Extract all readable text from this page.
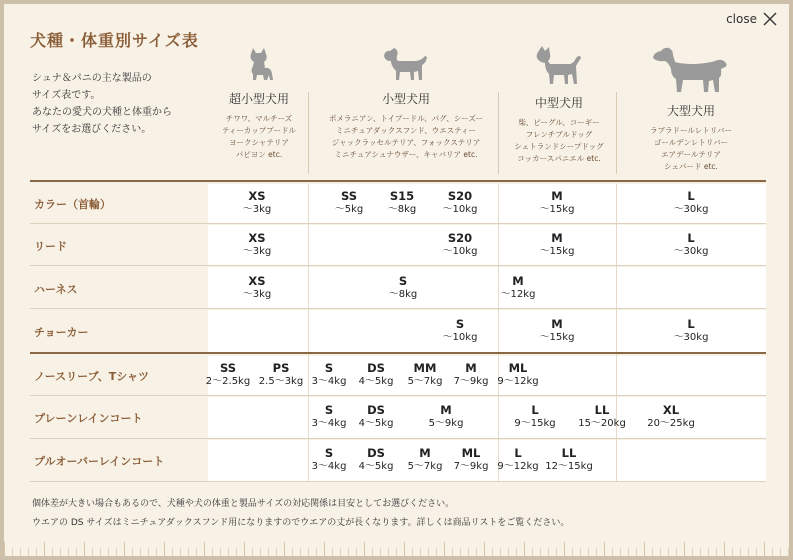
犬種・体重別サイズ表
close
シュナ＆パニの主な製品の
サイズ表です。
あなたの愛犬の犬種と体重から
サイズをお選びください。
超小型犬用
チワワ、マルチーズ
ティーカッププードル
ヨークシャテリア
パピヨン etc.
小型犬用
ポメラニアン、トイプードル、パグ、シーズー
ミニチュアダックスフンド、ウエスティー
ジャックラッセルテリア、フォックステリア
ミニチュアシュナウザー、キャバリア etc.
中型犬用
柴、ビーグル、コーギー
フレンチブルドッグ
シェトランドシープドッグ
コッカースパニエル etc.
大型犬用
ラブラドールレトリバー
ゴールデンレトリバー
エアデールテリア
シェパード etc.
カラー（首輪）
XS
〜3kg
SS
〜5kg
S15
〜8kg
S20
〜10kg
M
〜15kg
L
〜30kg
リード
XS
〜3kg
S20
〜10kg
M
〜15kg
L
〜30kg
ハーネス
XS
〜3kg
S
〜8kg
M
〜12kg
チョーカー
S
〜10kg
M
〜15kg
L
〜30kg
ノースリーブ、Tシャツ
SS
2〜2.5kg
PS
2.5〜3kg
S
3〜4kg
DS
4〜5kg
MM
5〜7kg
M
7〜9kg
ML
9〜12kg
プレーンレインコート
S
3〜4kg
DS
4〜5kg
M
5〜9kg
L
9〜15kg
LL
15〜20kg
XL
20〜25kg
プルオーバーレインコート
S
3〜4kg
DS
4〜5kg
M
5〜7kg
ML
7〜9kg
L
9〜12kg
LL
12〜15kg
個体差が大きい場合もあるので、犬種や犬の体重と製品サイズの対応関係は目安としてお選びください。
ウエアの DS サイズはミニチュアダックスフンド用になりますのでウエアの丈が長くなります。詳しくは商品リストをご覧ください。
